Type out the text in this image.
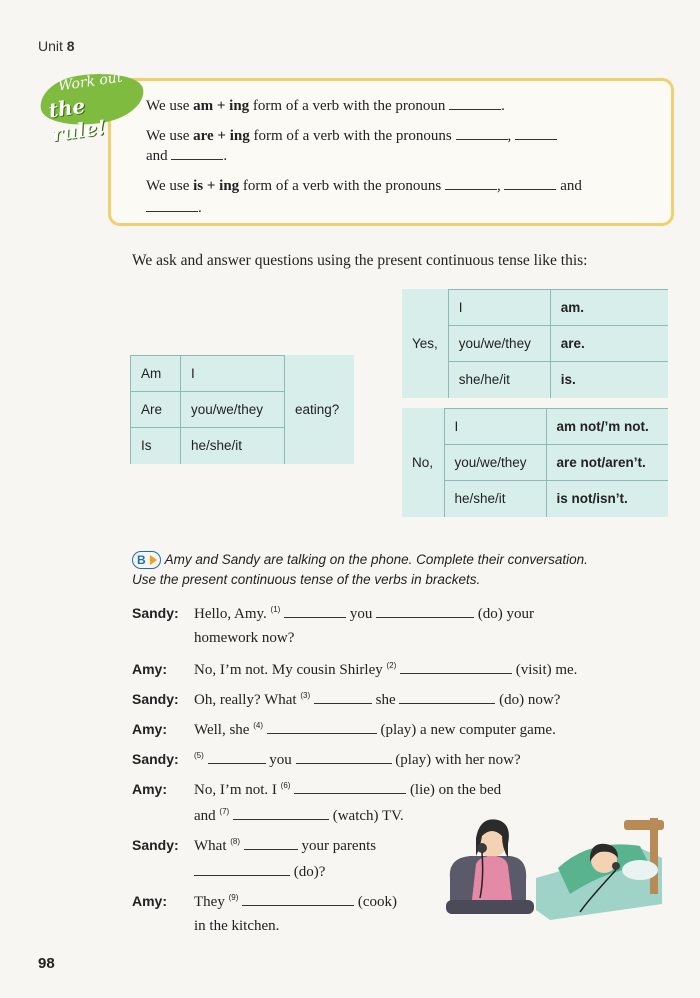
Unit 8
Work out
the rule!
We use am + ing form of a verb with the pronoun	.
We use are + ing form of a verb with the pronouns	,
and	.
We use is + ing form of a verb with the pronouns	,	and
.
We ask and answer questions using the present continuous tense like this:
Am	I	eating?
Are	you/we/they	
Is	he/she/it	
Yes,	I	am.
	you/we/they	are.
	she/he/it	is.
No,	I	am not/’m not.
	you/we/they	are not/aren’t.
	he/she/it	is not/isn’t.
B Amy and Sandy are talking on the phone. Complete their conversation.
Use the present continuous tense of the verbs in brackets.
Sandy: Hello, Amy. $^{(1)}$	you	(do) your
homework now?
Amy: No, I’m not. My cousin Shirley $^{(2)}$	(visit) me.
Sandy: Oh, really? What $^{(3)}$	she	(do) now?
Amy: Well, she $^{(4)}$	(play) a new computer game.
Sandy: $^{(5)}$	you	(play) with her now?
Amy: No, I’m not. I $^{(6)}$	(lie) on the bed
and $^{(7)}$	(watch) TV.
Sandy: What $^{(8)}$	your parents
(do)?
Amy: They $^{(9)}$	(cook)
in the kitchen.
98
